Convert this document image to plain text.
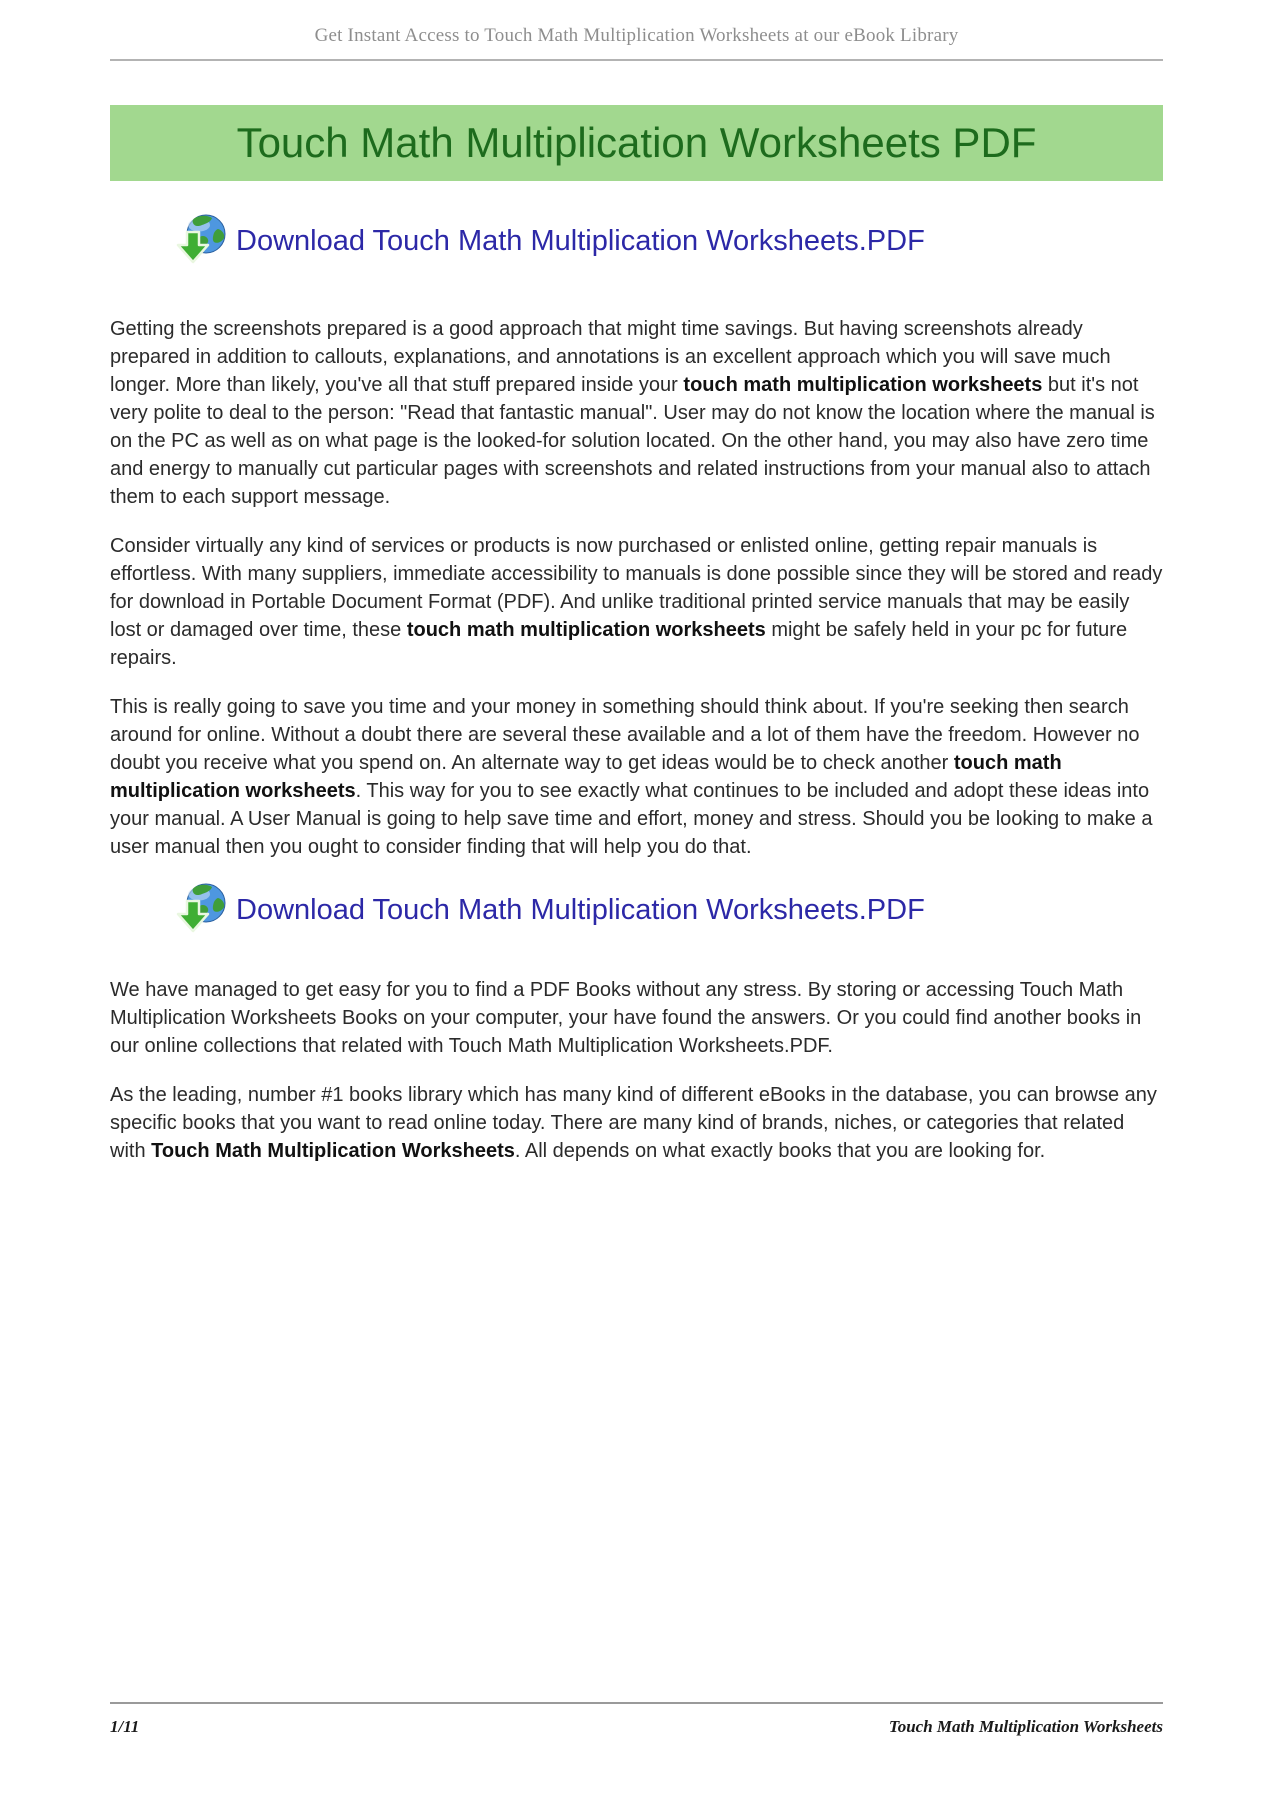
Get Instant Access to Touch Math Multiplication Worksheets at our eBook Library
Touch Math Multiplication Worksheets PDF
Download Touch Math Multiplication Worksheets.PDF

Getting the screenshots prepared is a good approach that might time savings. But having screenshots already prepared in addition to callouts, explanations, and annotations is an excellent approach which you will save much longer. More than likely, you've all that stuff prepared inside your touch math multiplication worksheets but it's not very polite to deal to the person: "Read that fantastic manual". User may do not know the location where the manual is on the PC as well as on what page is the looked-for solution located. On the other hand, you may also have zero time and energy to manually cut particular pages with screenshots and related instructions from your manual also to attach them to each support message.

Consider virtually any kind of services or products is now purchased or enlisted online, getting repair manuals is effortless. With many suppliers, immediate accessibility to manuals is done possible since they will be stored and ready for download in Portable Document Format (PDF). And unlike traditional printed service manuals that may be easily lost or damaged over time, these touch math multiplication worksheets might be safely held in your pc for future repairs.

This is really going to save you time and your money in something should think about. If you're seeking then search around for online. Without a doubt there are several these available and a lot of them have the freedom. However no doubt you receive what you spend on. An alternate way to get ideas would be to check another touch math multiplication worksheets. This way for you to see exactly what continues to be included and adopt these ideas into your manual. A User Manual is going to help save time and effort, money and stress. Should you be looking to make a user manual then you ought to consider finding that will help you do that.

Download Touch Math Multiplication Worksheets.PDF

We have managed to get easy for you to find a PDF Books without any stress. By storing or accessing Touch Math Multiplication Worksheets Books on your computer, your have found the answers. Or you could find another books in our online collections that related with Touch Math Multiplication Worksheets.PDF.

As the leading, number #1 books library which has many kind of different eBooks in the database, you can browse any specific books that you want to read online today. There are many kind of brands, niches, or categories that related with Touch Math Multiplication Worksheets. All depends on what exactly books that you are looking for.

1/11	Touch Math Multiplication Worksheets
